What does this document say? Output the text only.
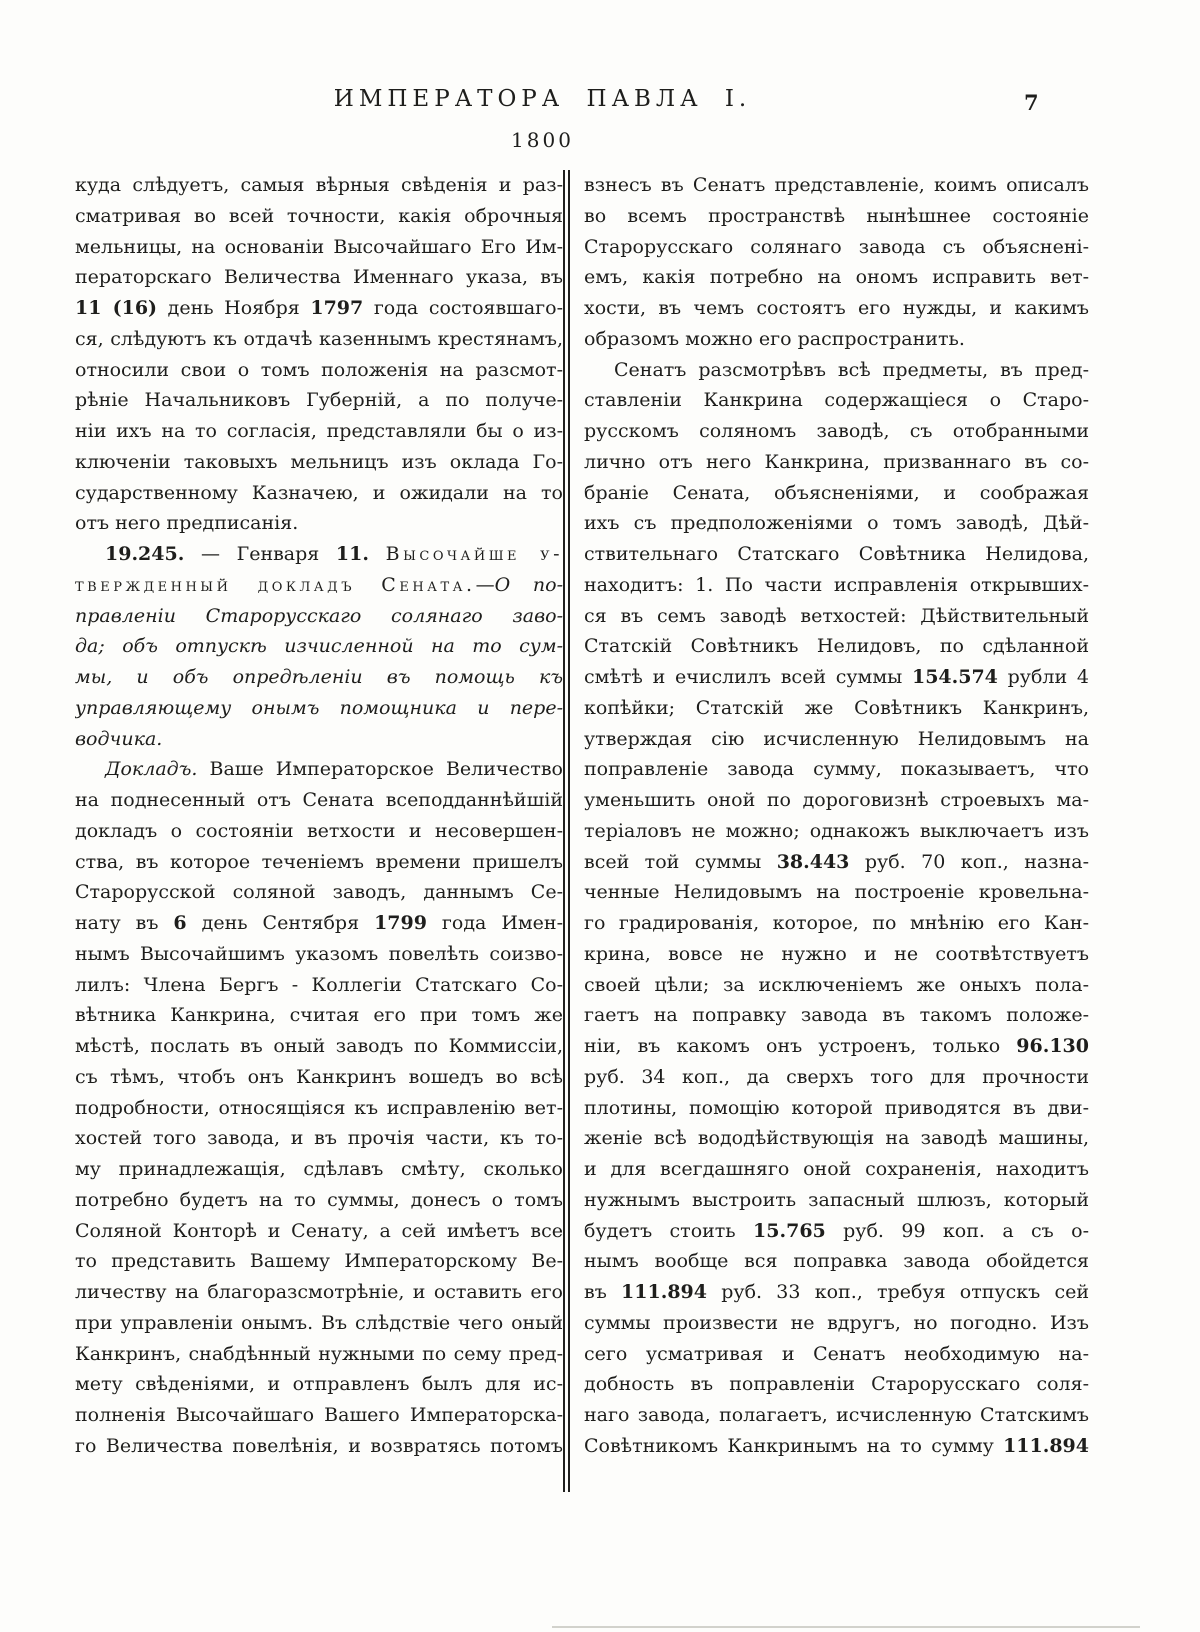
ИМПЕРАТОРА ПАВЛА I.	7
1800
куда слѣдуетъ, самыя вѣрныя свѣденія и раз-
сматривая во всей точности, какія оброчныя
мельницы, на основаніи Высочайшаго Его Им-
ператорскаго Величества Именнаго указа, въ
11 (16) день Ноября 1797 года состоявшаго-
ся, слѣдуютъ къ отдачѣ казеннымъ крестянамъ,
относили свои о томъ положенія на разсмот-
рѣніе Начальниковъ Губерній, а по получе-
ніи ихъ на то согласія, представляли бы о из-
ключеніи таковыхъ мельницъ изъ оклада Го-
сударственному Казначею, и ожидали на то
отъ него предписанія.
19.245. — Генваря 11. Высочайше у-
твержденный докладъ Сената.—О по-
правленіи Старорусскаго солянаго заво-
да; объ отпускѣ изчисленной на то сум-
мы, и объ опредѣленіи въ помощь къ
управляющему онымъ помощника и пере-
водчика.
Докладъ. Ваше Императорское Величество
на поднесенный отъ Сената всеподданнѣйшій
докладъ о состояніи ветхости и несовершен-
ства, въ которое теченіемъ времени пришелъ
Старорусской соляной заводъ, даннымъ Се-
нату въ 6 день Сентября 1799 года Имен-
нымъ Высочайшимъ указомъ повелѣть соизво-
лилъ: Члена Бергъ - Коллегіи Статскаго Со-
вѣтника Канкрина, считая его при томъ же
мѣстѣ, послать въ оный заводъ по Коммиссіи,
съ тѣмъ, чтобъ онъ Канкринъ вошедъ во всѣ
подробности, относящіяся къ исправленію вет-
хостей того завода, и въ прочія части, къ то-
му принадлежащія, сдѣлавъ смѣту, сколько
потребно будетъ на то суммы, донесъ о томъ
Соляной Конторѣ и Сенату, а сей имѣетъ все
то представить Вашему Императорскому Ве-
личеству на благоразсмотрѣніе, и оставить его
при управленіи онымъ. Въ слѣдствіе чего оный
Канкринъ, снабдѣнный нужными по сему пред-
мету свѣденіями, и отправленъ былъ для ис-
полненія Высочайшаго Вашего Императорска-
го Величества повелѣнія, и возвратясь потомъ
взнесъ въ Сенатъ представленіе, коимъ описалъ
во всемъ пространствѣ нынѣшнее состояніе
Старорусскаго солянаго завода съ объяснені-
емъ, какія потребно на ономъ исправить вет-
хости, въ чемъ состоятъ его нужды, и какимъ
образомъ можно его распространить.
Сенатъ разсмотрѣвъ всѣ предметы, въ пред-
ставленіи Канкрина содержащіеся о Старо-
русскомъ соляномъ заводѣ, съ отобранными
лично отъ него Канкрина, призваннаго въ со-
браніе Сената, объясненіями, и соображая
ихъ съ предположеніями о томъ заводѣ, Дѣй-
ствительнаго Статскаго Совѣтника Нелидова,
находитъ: 1. По части исправленія открывших-
ся въ семъ заводѣ ветхостей: Дѣйствительный
Статскій Совѣтникъ Нелидовъ, по сдѣланной
смѣтѣ и ечислилъ всей суммы 154.574 рубли 4
копѣйки; Статскій же Совѣтникъ Канкринъ,
утверждая сію исчисленную Нелидовымъ на
поправленіе завода сумму, показываетъ, что
уменьшить оной по дороговизнѣ строевыхъ ма-
теріаловъ не можно; однакожъ выключаетъ изъ
всей той суммы 38.443 руб. 70 коп., назна-
ченные Нелидовымъ на построеніе кровельна-
го градированія, которое, по мнѣнію его Кан-
крина, вовсе не нужно и не соотвѣтствуетъ
своей цѣли; за исключеніемъ же оныхъ пола-
гаетъ на поправку завода въ такомъ положе-
ніи, въ какомъ онъ устроенъ, только 96.130
руб. 34 коп., да сверхъ того для прочности
плотины, помощію которой приводятся въ дви-
женіе всѣ вододѣйствующія на заводѣ машины,
и для всегдашняго оной сохраненія, находитъ
нужнымъ выстроить запасный шлюзъ, который
будетъ стоить 15.765 руб. 99 коп. а съ о-
нымъ вообще вся поправка завода обойдется
въ 111.894 руб. 33 коп., требуя отпускъ сей
суммы произвести не вдругъ, но погодно. Изъ
сего усматривая и Сенатъ необходимую на-
добность въ поправленіи Старорусскаго соля-
наго завода, полагаетъ, исчисленную Статскимъ
Совѣтникомъ Канкринымъ на то сумму 111.894
